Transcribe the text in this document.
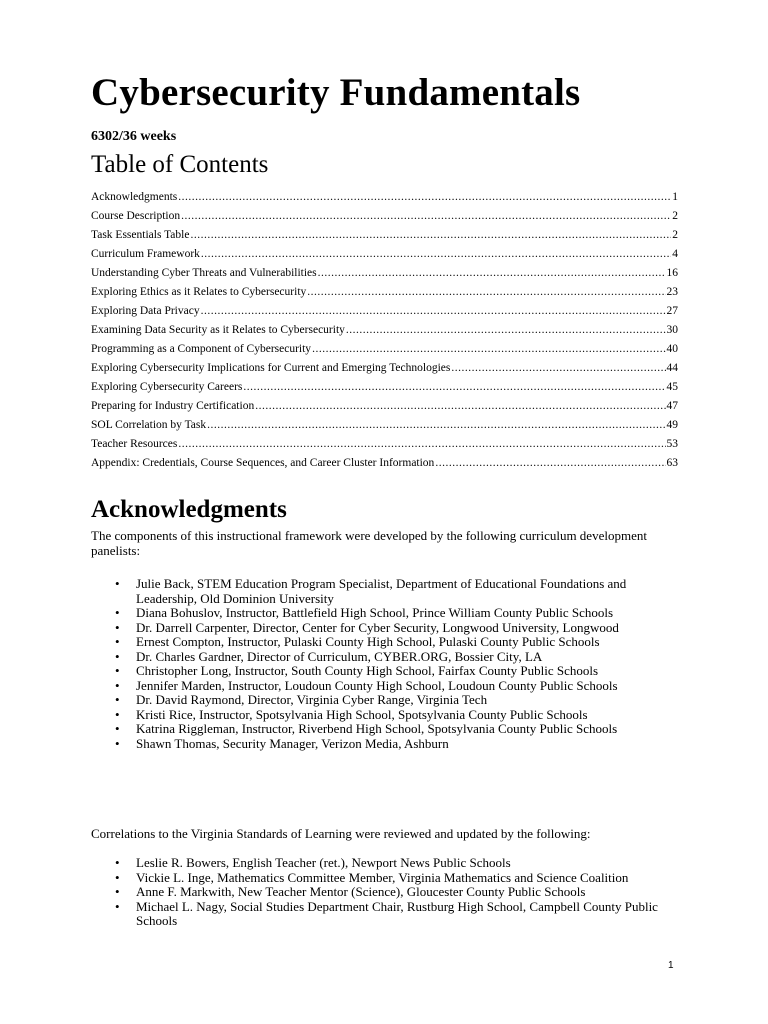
Cybersecurity Fundamentals
6302/36 weeks
Table of Contents
Acknowledgments .....	1
Course Description .....	2
Task Essentials Table .....	2
Curriculum Framework .....	4
Understanding Cyber Threats and Vulnerabilities .....	16
Exploring Ethics as it Relates to Cybersecurity .....	23
Exploring Data Privacy .....	27
Examining Data Security as it Relates to Cybersecurity .....	30
Programming as a Component of Cybersecurity .....	40
Exploring Cybersecurity Implications for Current and Emerging Technologies .....	44
Exploring Cybersecurity Careers .....	45
Preparing for Industry Certification .....	47
SOL Correlation by Task .....	49
Teacher Resources .....	53
Appendix: Credentials, Course Sequences, and Career Cluster Information .....	63
Acknowledgments

The components of this instructional framework were developed by the following curriculum development panelists:

• Julie Back, STEM Education Program Specialist, Department of Educational Foundations and Leadership, Old Dominion University
• Diana Bohuslov, Instructor, Battlefield High School, Prince William County Public Schools
• Dr. Darrell Carpenter, Director, Center for Cyber Security, Longwood University, Longwood
• Ernest Compton, Instructor, Pulaski County High School, Pulaski County Public Schools
• Dr. Charles Gardner, Director of Curriculum, CYBER.ORG, Bossier City, LA
• Christopher Long, Instructor, South County High School, Fairfax County Public Schools
• Jennifer Marden, Instructor, Loudoun County High School, Loudoun County Public Schools
• Dr. David Raymond, Director, Virginia Cyber Range, Virginia Tech
• Kristi Rice, Instructor, Spotsylvania High School, Spotsylvania County Public Schools
• Katrina Riggleman, Instructor, Riverbend High School, Spotsylvania County Public Schools
• Shawn Thomas, Security Manager, Verizon Media, Ashburn

Correlations to the Virginia Standards of Learning were reviewed and updated by the following:

• Leslie R. Bowers, English Teacher (ret.), Newport News Public Schools
• Vickie L. Inge, Mathematics Committee Member, Virginia Mathematics and Science Coalition
• Anne F. Markwith, New Teacher Mentor (Science), Gloucester County Public Schools
• Michael L. Nagy, Social Studies Department Chair, Rustburg High School, Campbell County Public Schools
1
